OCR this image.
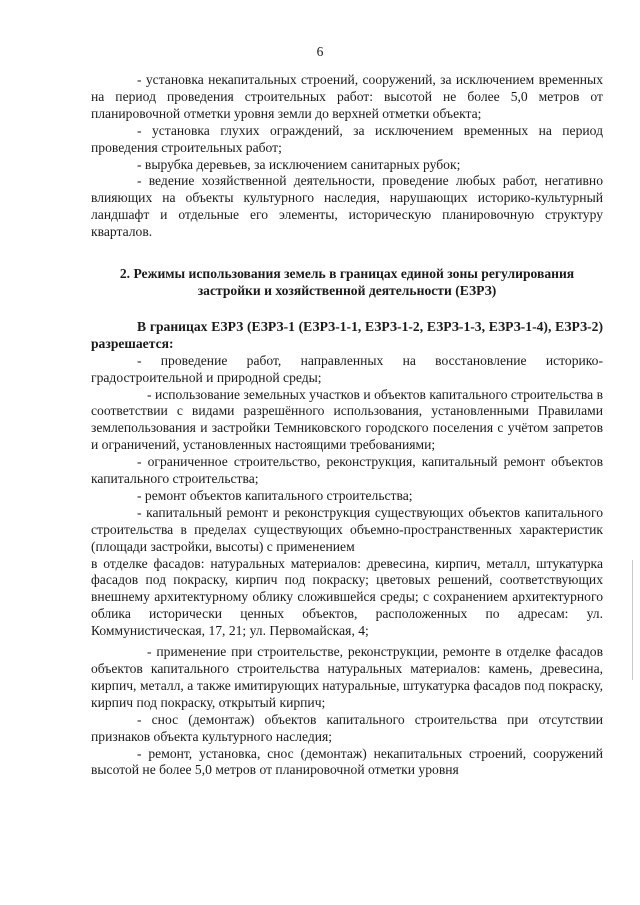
6

- установка некапитальных строений, сооружений, за исключением временных на период проведения строительных работ: высотой не более 5,0 метров от планировочной отметки уровня земли до верхней отметки объекта;

- установка глухих ограждений, за исключением временных на период проведения строительных работ;

- вырубка деревьев, за исключением санитарных рубок;

- ведение хозяйственной деятельности, проведение любых работ, негативно влияющих на объекты культурного наследия, нарушающих историко-культурный ландшафт и отдельные его элементы, историческую планировочную структуру кварталов.

2. Режимы использования земель в границах единой зоны регулирования застройки и хозяйственной деятельности (ЕЗРЗ)

В границах ЕЗРЗ (ЕЗРЗ-1 (ЕЗРЗ-1-1, ЕЗРЗ-1-2, ЕЗРЗ-1-3, ЕЗРЗ-1-4), ЕЗРЗ-2) разрешается:

- проведение работ, направленных на восстановление историко-градостроительной и природной среды;

- использование земельных участков и объектов капитального строительства в соответствии с видами разрешённого использования, установленными Правилами землепользования и застройки Темниковского городского поселения с учётом запретов и ограничений, установленных настоящими требованиями;

- ограниченное строительство, реконструкция, капитальный ремонт объектов капитального строительства;

- ремонт объектов капитального строительства;

- капитальный ремонт и реконструкция существующих объектов капитального строительства в пределах существующих объемно-пространственных характеристик (площади застройки, высоты) с применением

в отделке фасадов: натуральных материалов: древесина, кирпич, металл, штукатурка фасадов под покраску, кирпич под покраску; цветовых решений, соответствующих внешнему архитектурному облику сложившейся среды; с сохранением архитектурного облика исторически ценных объектов, расположенных по адресам: ул. Коммунистическая, 17, 21; ул. Первомайская, 4;

- применение при строительстве, реконструкции, ремонте в отделке фасадов объектов капитального строительства натуральных материалов: камень, древесина, кирпич, металл, а также имитирующих натуральные, штукатурка фасадов под покраску, кирпич под покраску, открытый кирпич;

- снос (демонтаж) объектов капитального строительства при отсутствии признаков объекта культурного наследия;

- ремонт, установка, снос (демонтаж) некапитальных строений, сооружений высотой не более 5,0 метров от планировочной отметки уровня
